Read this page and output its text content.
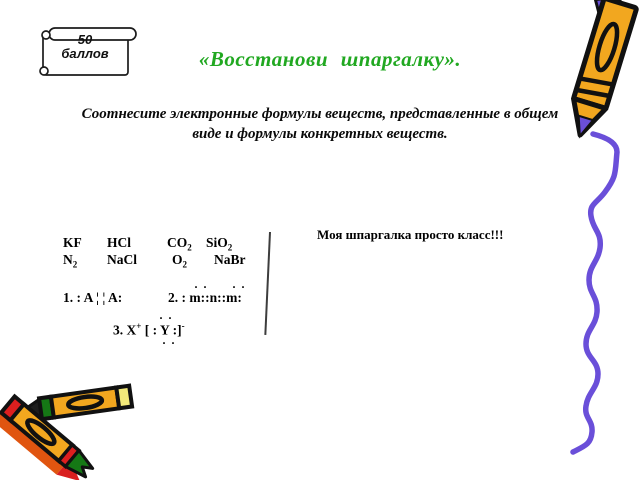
50
баллов	«Восстанови шпаргалку».
Соотнесите электронные формулы веществ, представленные в общем
виде и формулы конкретных веществ.
Моя шпаргалка просто класс!!!
KF HCl	$CO_2$ SiO$_2$
$N_2$ NaCl	$O_2$ NaBr
1. : A ¦ ¦ A:
· · · ·
2. : m::n::m:
· ·
· ·
3. X+ [ : Y :]-
